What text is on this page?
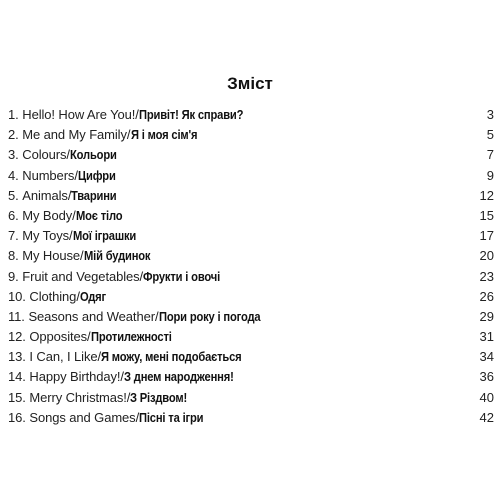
Зміст
1. Hello! How Are You!/Привіт! Як справи?	3
2. Me and My Family/Я і моя сім'я	5
3. Colours/Кольори	7
4. Numbers/Цифри	9
5. Animals/Тварини	12
6. My Body/Моє тіло	15
7. My Toys/Мої іграшки	17
8. My House/Мій будинок	20
9. Fruit and Vegetables/Фрукти і овочі	23
10. Clothing/Одяг	26
11. Seasons and Weather/Пори року і погода	29
12. Opposites/Протилежності	31
13. I Can, I Like/Я можу, мені подобається	34
14. Happy Birthday!/З днем народження!	36
15. Merry Christmas!/З Різдвом!	40
16. Songs and Games/Пісні та ігри	42
